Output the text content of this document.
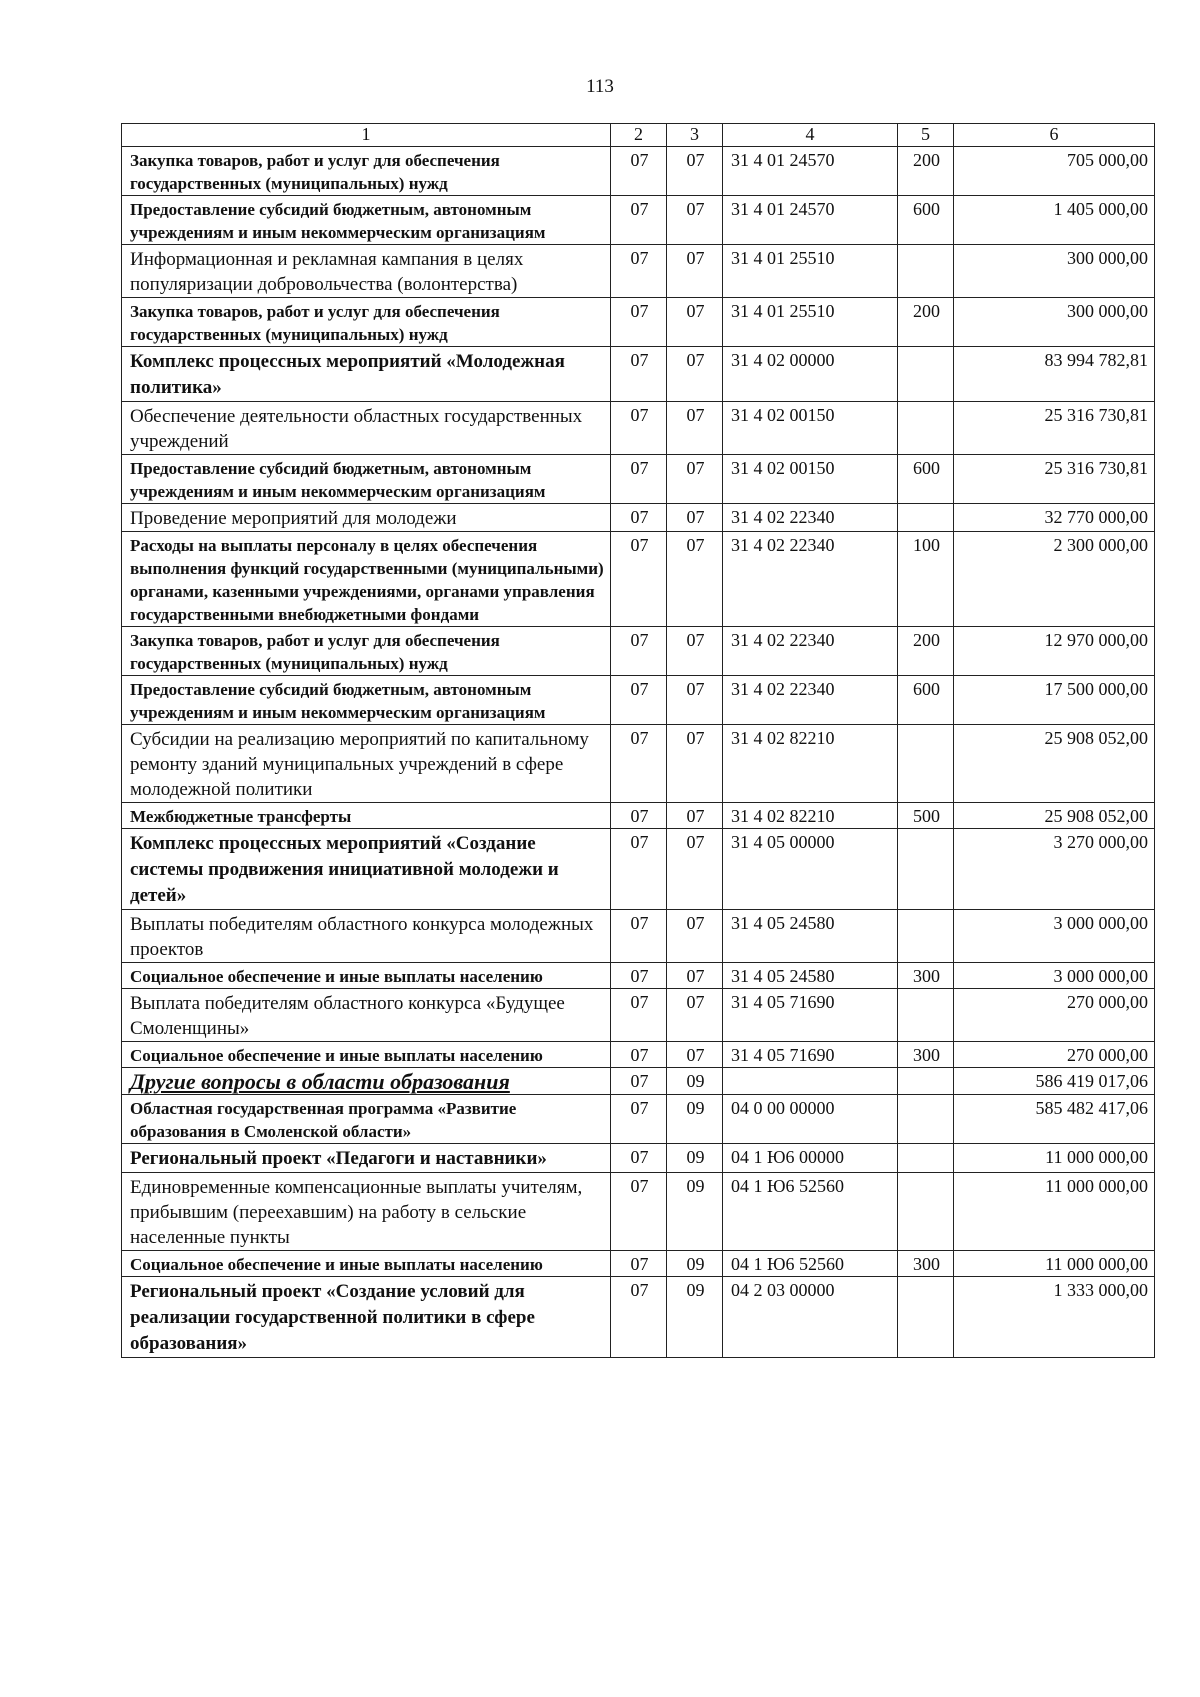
113
1	2	3	4	5	6
Закупка товаров, работ и услуг для обеспечения государственных (муниципальных) нужд	07	07	31 4 01 24570	200	705 000,00
Предоставление субсидий бюджетным, автономным учреждениям и иным некоммерческим организациям	07	07	31 4 01 24570	600	1 405 000,00
Информационная и рекламная кампания в целях популяризации добровольчества (волонтерства)	07	07	31 4 01 25510		300 000,00
Закупка товаров, работ и услуг для обеспечения государственных (муниципальных) нужд	07	07	31 4 01 25510	200	300 000,00
Комплекс процессных мероприятий «Молодежная политика»	07	07	31 4 02 00000		83 994 782,81
Обеспечение деятельности областных государственных учреждений	07	07	31 4 02 00150		25 316 730,81
Предоставление субсидий бюджетным, автономным учреждениям и иным некоммерческим организациям	07	07	31 4 02 00150	600	25 316 730,81
Проведение мероприятий для молодежи	07	07	31 4 02 22340		32 770 000,00
Расходы на выплаты персоналу в целях обеспечения выполнения функций государственными (муниципальными) органами, казенными учреждениями, органами управления государственными внебюджетными фондами	07	07	31 4 02 22340	100	2 300 000,00
Закупка товаров, работ и услуг для обеспечения государственных (муниципальных) нужд	07	07	31 4 02 22340	200	12 970 000,00
Предоставление субсидий бюджетным, автономным учреждениям и иным некоммерческим организациям	07	07	31 4 02 22340	600	17 500 000,00
Субсидии на реализацию мероприятий по капитальному ремонту зданий муниципальных учреждений в сфере молодежной политики	07	07	31 4 02 82210		25 908 052,00
Межбюджетные трансферты	07	07	31 4 02 82210	500	25 908 052,00
Комплекс процессных мероприятий «Создание системы продвижения инициативной молодежи и детей»	07	07	31 4 05 00000		3 270 000,00
Выплаты победителям областного конкурса молодежных проектов	07	07	31 4 05 24580		3 000 000,00
Социальное обеспечение и иные выплаты населению	07	07	31 4 05 24580	300	3 000 000,00
Выплата победителям областного конкурса «Будущее Смоленщины»	07	07	31 4 05 71690		270 000,00
Социальное обеспечение и иные выплаты населению	07	07	31 4 05 71690	300	270 000,00
Другие вопросы в области образования	07	09			586 419 017,06
Областная государственная программа «Развитие образования в Смоленской области»	07	09	04 0 00 00000		585 482 417,06
Региональный проект «Педагоги и наставники»	07	09	04 1 Ю6 00000		11 000 000,00
Единовременные компенсационные выплаты учителям, прибывшим (переехавшим) на работу в сельские населенные пункты	07	09	04 1 Ю6 52560		11 000 000,00
Социальное обеспечение и иные выплаты населению	07	09	04 1 Ю6 52560	300	11 000 000,00
Региональный проект «Создание условий для реализации государственной политики в сфере образования»	07	09	04 2 03 00000		1 333 000,00
